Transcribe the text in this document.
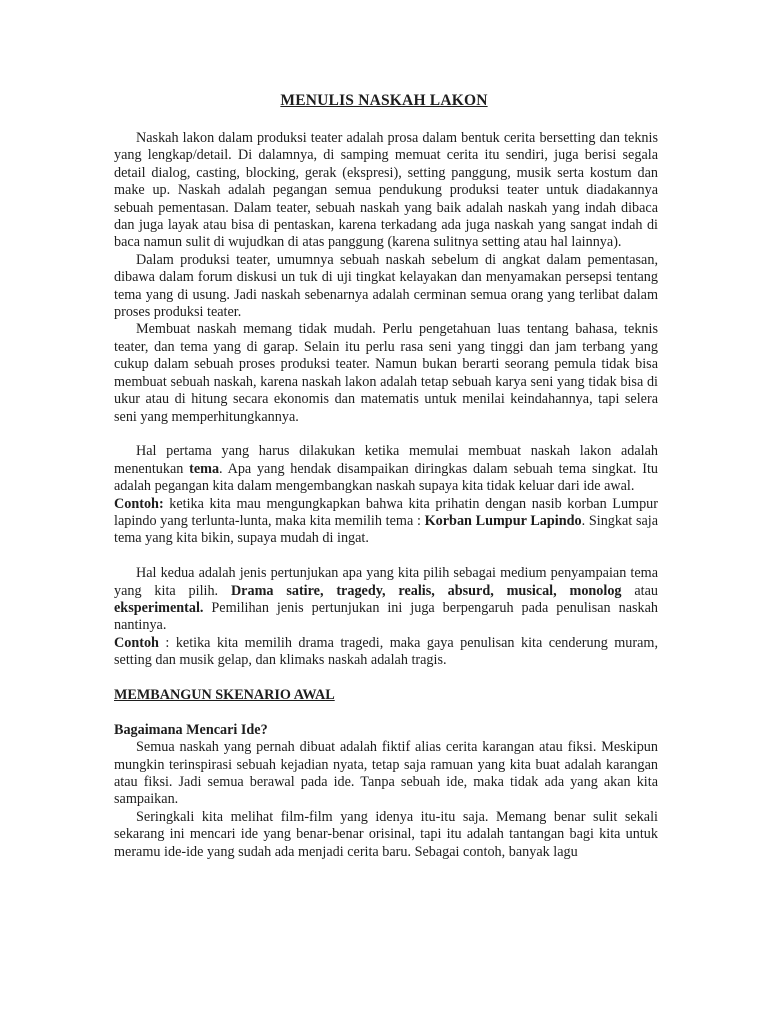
MENULIS NASKAH LAKON

Naskah lakon dalam produksi teater adalah prosa dalam bentuk cerita bersetting dan teknis yang lengkap/detail. Di dalamnya, di samping memuat cerita itu sendiri, juga berisi segala detail dialog, casting, blocking, gerak (ekspresi), setting panggung, musik serta kostum dan make up. Naskah adalah pegangan semua pendukung produksi teater untuk diadakannya sebuah pementasan. Dalam teater, sebuah naskah yang baik adalah naskah yang indah dibaca dan juga layak atau bisa di pentaskan, karena terkadang ada juga naskah yang sangat indah di baca namun sulit di wujudkan di atas panggung (karena sulitnya setting atau hal lainnya).

Dalam produksi teater, umumnya sebuah naskah sebelum di angkat dalam pementasan, dibawa dalam forum diskusi un tuk di uji tingkat kelayakan dan menyamakan persepsi tentang tema yang di usung. Jadi naskah sebenarnya adalah cerminan semua orang yang terlibat dalam proses produksi teater.

Membuat naskah memang tidak mudah. Perlu pengetahuan luas tentang bahasa, teknis teater, dan tema yang di garap. Selain itu perlu rasa seni yang tinggi dan jam terbang yang cukup dalam sebuah proses produksi teater. Namun bukan berarti seorang pemula tidak bisa membuat sebuah naskah, karena naskah lakon adalah tetap sebuah karya seni yang tidak bisa di ukur atau di hitung secara ekonomis dan matematis untuk menilai keindahannya, tapi selera seni yang memperhitungkannya.

Hal pertama yang harus dilakukan ketika memulai membuat naskah lakon adalah menentukan tema. Apa yang hendak disampaikan diringkas dalam sebuah tema singkat. Itu adalah pegangan kita dalam mengembangkan naskah supaya kita tidak keluar dari ide awal.

Contoh: ketika kita mau mengungkapkan bahwa kita prihatin dengan nasib korban Lumpur lapindo yang terlunta-lunta, maka kita memilih tema : Korban Lumpur Lapindo. Singkat saja tema yang kita bikin, supaya mudah di ingat.

Hal kedua adalah jenis pertunjukan apa yang kita pilih sebagai medium penyampaian tema yang kita pilih. Drama satire, tragedy, realis, absurd, musical, monolog atau eksperimental. Pemilihan jenis pertunjukan ini juga berpengaruh pada penulisan naskah nantinya.

Contoh : ketika kita memilih drama tragedi, maka gaya penulisan kita cenderung muram, setting dan musik gelap, dan klimaks naskah adalah tragis.

MEMBANGUN SKENARIO AWAL

Bagaimana Mencari Ide?

Semua naskah yang pernah dibuat adalah fiktif alias cerita karangan atau fiksi. Meskipun mungkin terinspirasi sebuah kejadian nyata, tetap saja ramuan yang kita buat adalah karangan atau fiksi. Jadi semua berawal pada ide. Tanpa sebuah ide, maka tidak ada yang akan kita sampaikan.

Seringkali kita melihat film-film yang idenya itu-itu saja. Memang benar sulit sekali sekarang ini mencari ide yang benar-benar orisinal, tapi itu adalah tantangan bagi kita untuk meramu ide-ide yang sudah ada menjadi cerita baru. Sebagai contoh, banyak lagu
